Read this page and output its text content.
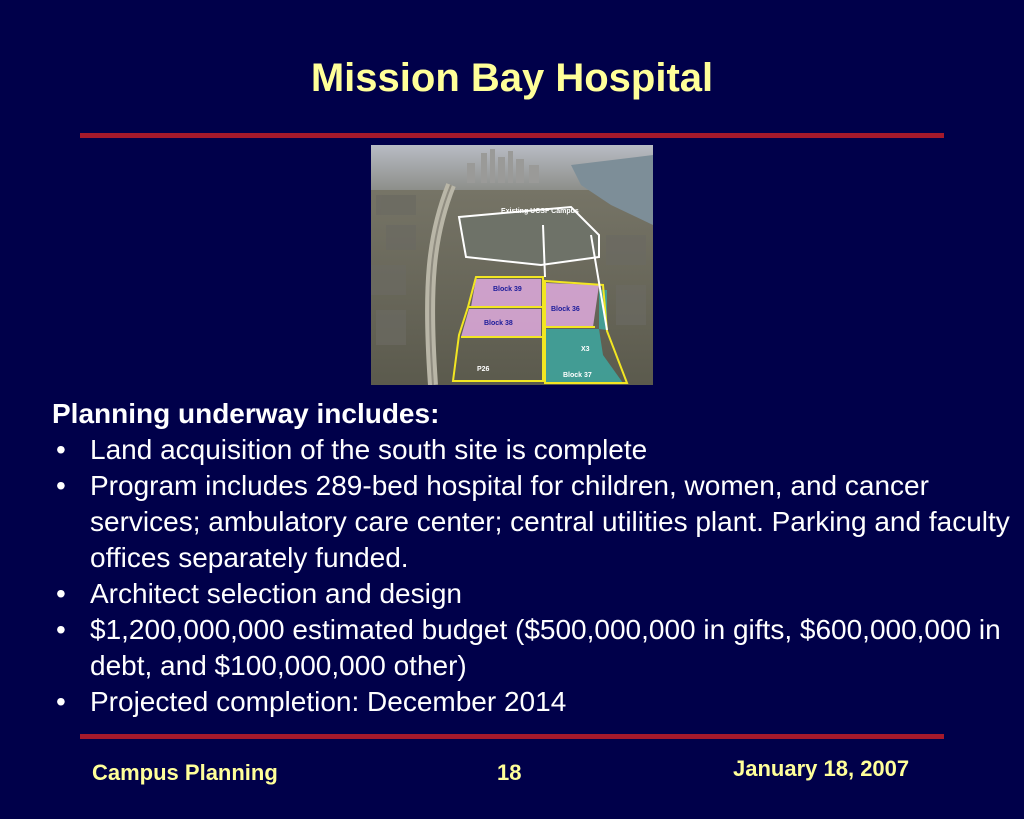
Mission Bay Hospital
Existing UCSF Campus
Block 39
Block 38
Block 36
X3
P26
Block 37
Planning underway includes:
• Land acquisition of the south site is complete
• Program includes 289-bed hospital for children, women, and cancer services; ambulatory care center; central utilities plant. Parking and faculty offices separately funded.
• Architect selection and design
• $1,200,000,000 estimated budget ($500,000,000 in gifts, $600,000,000 in debt, and $100,000,000 other)
• Projected completion: December 2014
Campus Planning	18	January 18, 2007
